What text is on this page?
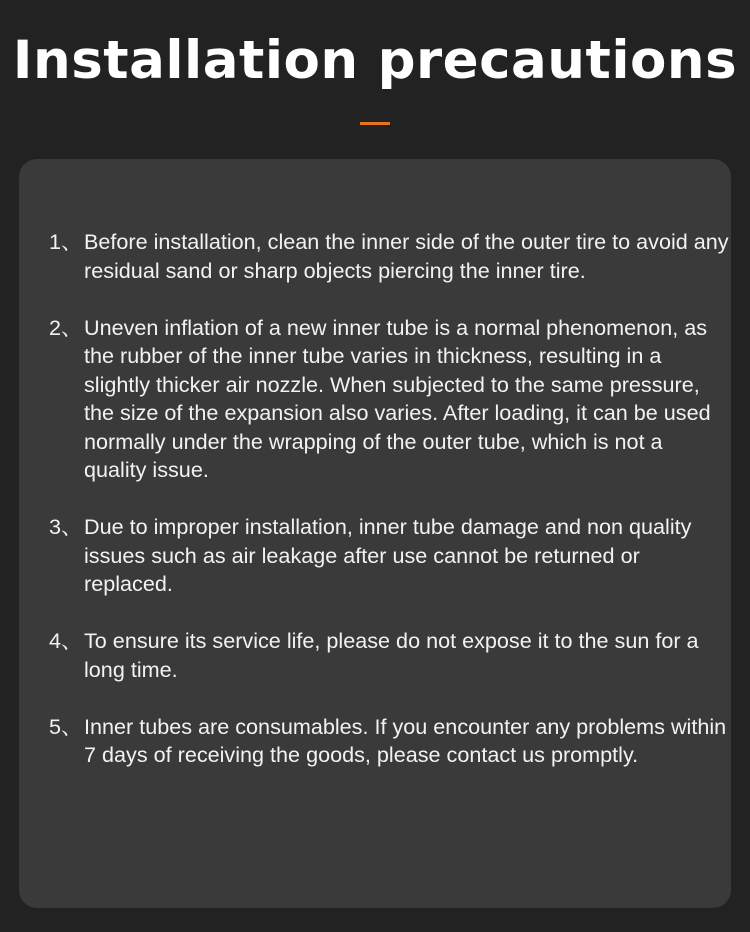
Installation precautions
1、 Before installation, clean the inner side of the outer tire to avoid any residual sand or sharp objects piercing the inner tire.
2、 Uneven inflation of a new inner tube is a normal phenomenon, as the rubber of the inner tube varies in thickness, resulting in a slightly thicker air nozzle. When subjected to the same pressure, the size of the expansion also varies. After loading, it can be used normally under the wrapping of the outer tube, which is not a quality issue.
3、 Due to improper installation, inner tube damage and non quality issues such as air leakage after use cannot be returned or replaced.
4、 To ensure its service life, please do not expose it to the sun for a long time.
5、 Inner tubes are consumables. If you encounter any problems within 7 days of receiving the goods, please contact us promptly.
